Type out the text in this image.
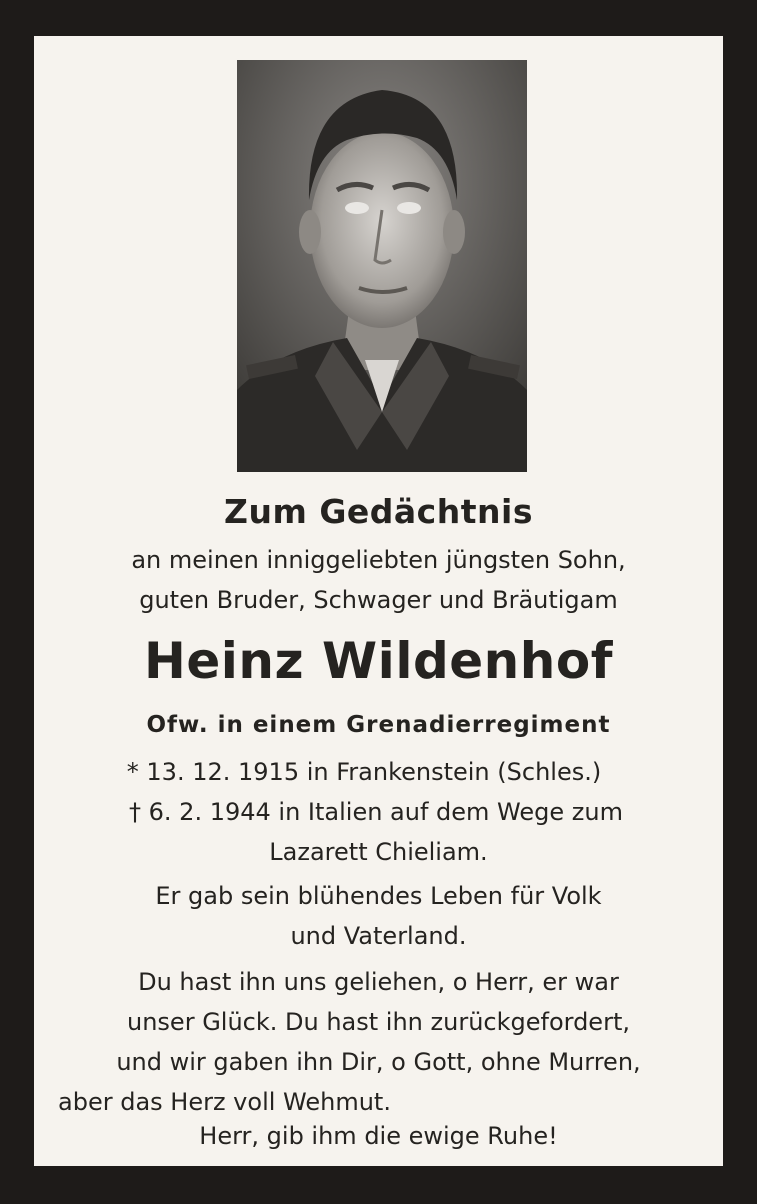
Zum Gedächtnis
an meinen inniggeliebten jüngsten Sohn,
guten Bruder, Schwager und Bräutigam
Heinz Wildenhof
Ofw. in einem Grenadierregiment
* 13. 12. 1915 in Frankenstein (Schles.)
† 6. 2. 1944 in Italien auf dem Wege zum
Lazarett Chieliam.
Er gab sein blühendes Leben für Volk
und Vaterland.
Du hast ihn uns geliehen, o Herr, er war
unser Glück. Du hast ihn zurückgefordert,
und wir gaben ihn Dir, o Gott, ohne Murren,
aber das Herz voll Wehmut.
Herr, gib ihm die ewige Ruhe!
